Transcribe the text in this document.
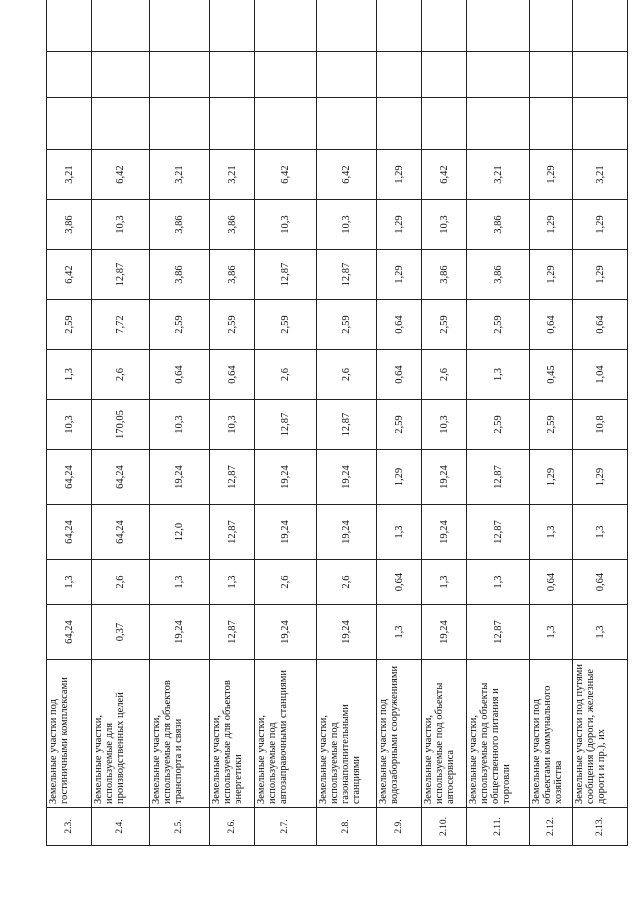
2.3.	Земельные участки под гостиничными комплексами	64,24	1,3	64,24	64,24	10,3	1,3	2,59	6,42	3,86	3,21			
2.4.	Земельные участки, используемые для производственных целей	0,37	2,6	64,24	64,24	170,05	2,6	7,72	12,87	10,3	6,42			
2.5.	Земельные участки, используемые для объектов транспорта и связи	19,24	1,3	12,0	19,24	10,3	0,64	2,59	3,86	3,86	3,21			
2.6.	Земельные участки, используемые для объектов энергетики	12,87	1,3	12,87	12,87	10,3	0,64	2,59	3,86	3,86	3,21			
2.7.	Земельные участки, используемые под автозаправочными станциями	19,24	2,6	19,24	19,24	12,87	2,6	2,59	12,87	10,3	6,42			
2.8.	Земельные участки, используемые под газонаполнительными станциями	19,24	2,6	19,24	19,24	12,87	2,6	2,59	12,87	10,3	6,42			
2.9.	Земельные участки под водозаборными сооружениями	1,3	0,64	1,3	1,29	2,59	0,64	0,64	1,29	1,29	1,29			
2.10.	Земельные участки, используемые под объекты автосервиса	19,24	1,3	19,24	19,24	10,3	2,6	2,59	3,86	10,3	6,42			
2.11.	Земельные участки, используемые под объекты общественного питания и торговли	12,87	1,3	12,87	12,87	2,59	1,3	2,59	3,86	3,86	3,21			
2.12.	Земельные участки под объектами коммунального хозяйства	1,3	0,64	1,3	1,29	2,59	0,45	0,64	1,29	1,29	1,29			
2.13.	Земельные участки под путями сообщения (дороги, железные дороги и пр.), их	1,3	0,64	1,3	1,29	10,8	1,04	0,64	1,29	1,29	3,21			
